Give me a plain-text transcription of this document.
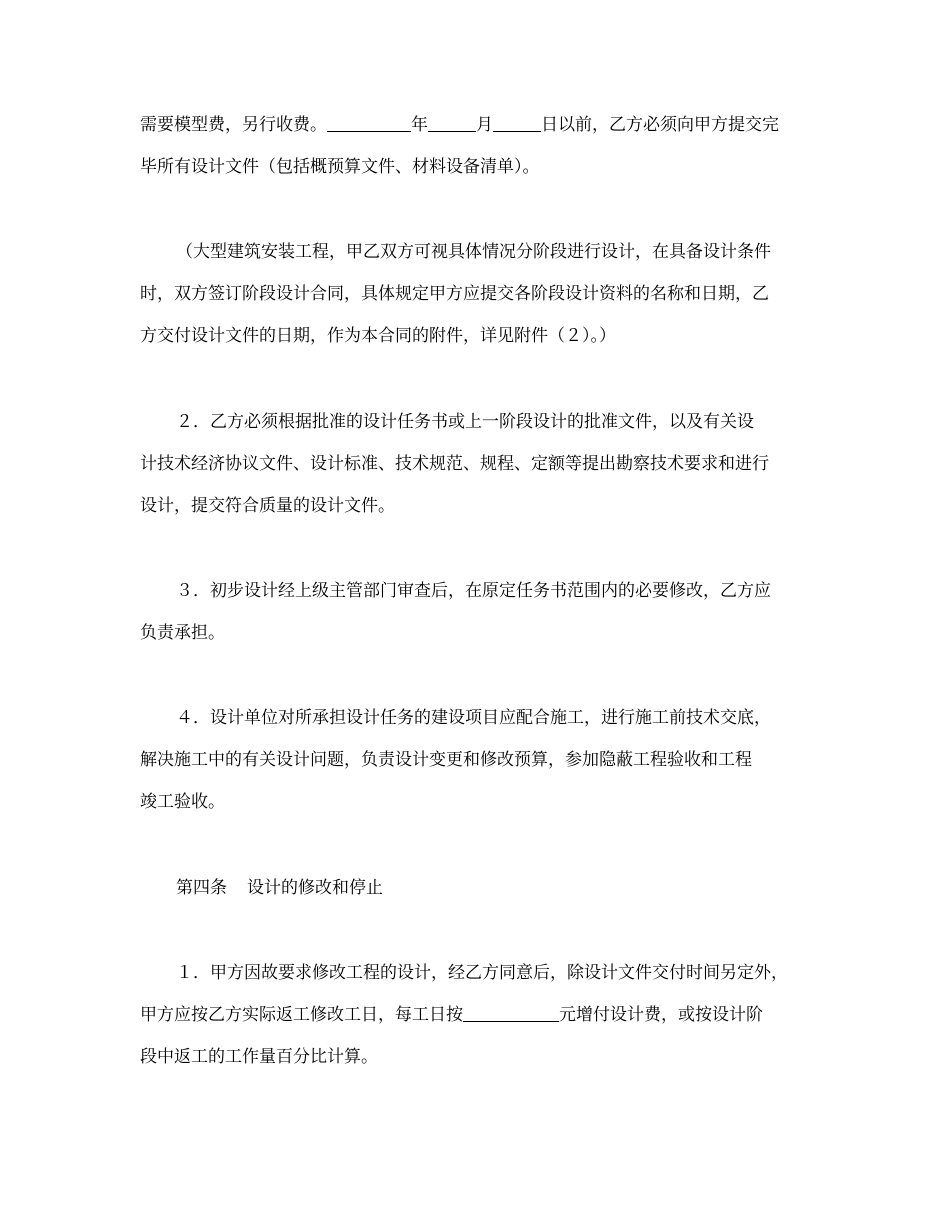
需要模型费，另行收费。	年	月	日以前，乙方必须向甲方提交完
毕所有设计文件（包括概预算文件、材料设备清单）。
（大型建筑安装工程，甲乙双方可视具体情况分阶段进行设计，在具备设计条件
时，双方签订阶段设计合同，具体规定甲方应提交各阶段设计资料的名称和日期，乙
方交付设计文件的日期，作为本合同的附件，详见附件（２）。）
２．乙方必须根据批准的设计任务书或上一阶段设计的批准文件，以及有关设
计技术经济协议文件、设计标准、技术规范、规程、定额等提出勘察技术要求和进行
设计，提交符合质量的设计文件。
３．初步设计经上级主管部门审查后，在原定任务书范围内的必要修改，乙方应
负责承担。
４．设计单位对所承担设计任务的建设项目应配合施工，进行施工前技术交底，
解决施工中的有关设计问题，负责设计变更和修改预算，参加隐蔽工程验收和工程
竣工验收。
第四条 设计的修改和停止
１．甲方因故要求修改工程的设计，经乙方同意后，除设计文件交付时间另定外，
甲方应按乙方实际返工修改工日，每工日按	元增付设计费，或按设计阶
段中返工的工作量百分比计算。
